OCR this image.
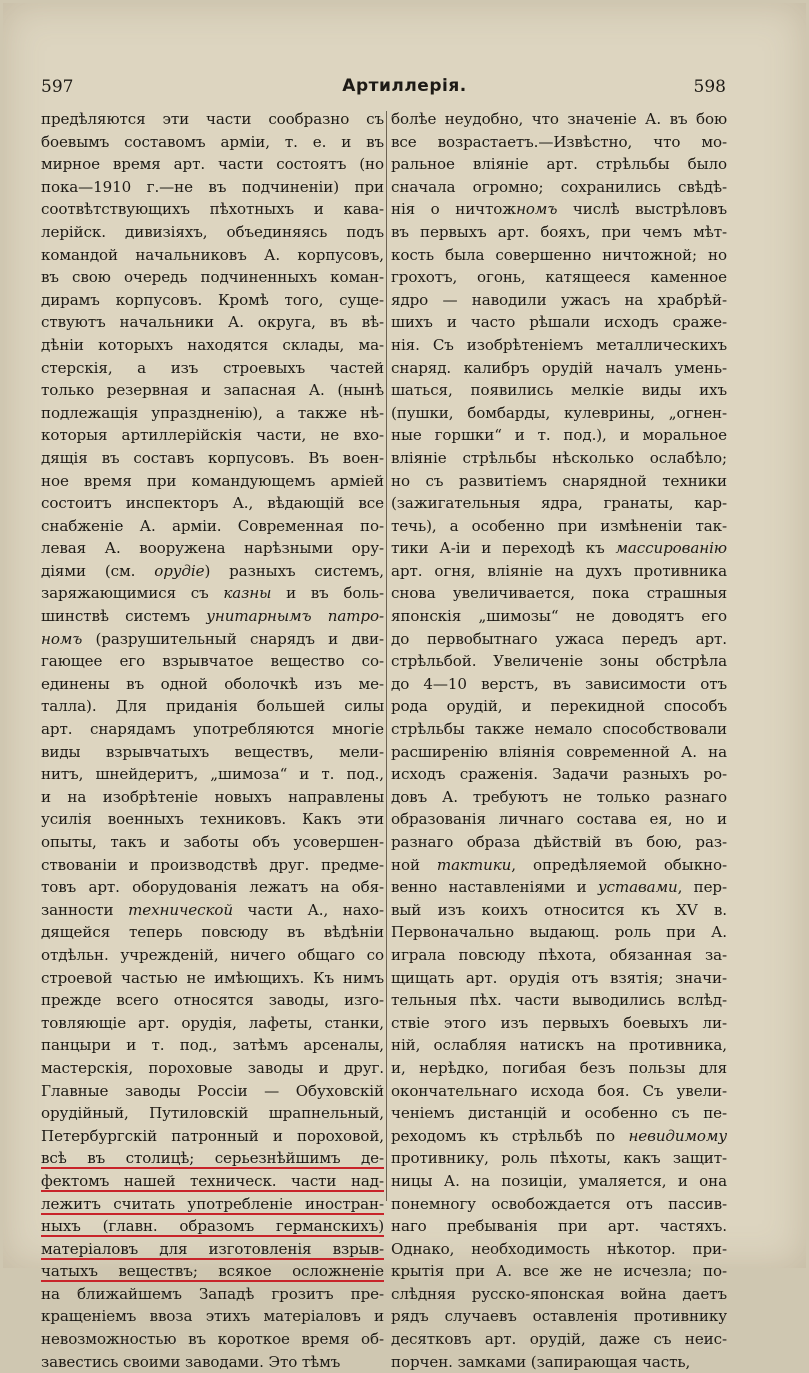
597	Артиллерія.	598
предѣляются эти части сообразно съ
боевымъ составомъ арміи, т. е. и въ
мирное время арт. части состоятъ (но
пока—1910 г.—не въ подчиненіи) при
соотвѣтствующихъ пѣхотныхъ и кава-
лерійск. дивизіяхъ, объединяясь подъ
командой начальниковъ А. корпусовъ,
въ свою очередь подчиненныхъ коман-
дирамъ корпусовъ. Кромѣ того, суще-
ствуютъ начальники А. округа, въ вѣ-
дѣніи которыхъ находятся склады, ма-
стерскія, а изъ строевыхъ частей
только резервная и запасная А. (нынѣ
подлежащія упраздненію), а также нѣ-
которыя артиллерійскія части, не вхо-
дящія въ составъ корпусовъ. Въ воен-
ное время при командующемъ арміей
состоитъ инспекторъ А., вѣдающій все
снабженіе А. арміи. Современная по-
левая А. вооружена нарѣзными ору-
діями (см. орудіе) разныхъ системъ,
заряжающимися съ казны и въ боль-
шинствѣ системъ унитарнымъ патро-
номъ (разрушительный снарядъ и дви-
гающее его взрывчатое вещество со-
единены въ одной оболочкѣ изъ ме-
талла). Для приданія большей силы
арт. снарядамъ употребляются многіе
виды взрывчатыхъ веществъ, мели-
нитъ, шнейдеритъ, „шимоза“ и т. под.,
и на изобрѣтеніе новыхъ направлены
усилія военныхъ техниковъ. Какъ эти
опыты, такъ и заботы объ усовершен-
ствованіи и производствѣ друг. предме-
товъ арт. оборудованія лежатъ на обя-
занности технической части А., нахо-
дящейся теперь повсюду въ вѣдѣніи
отдѣльн. учрежденій, ничего общаго со
строевой частью не имѣющихъ. Къ нимъ
прежде всего относятся заводы, изго-
товляющіе арт. орудія, лафеты, станки,
панцыри и т. под., затѣмъ арсеналы,
мастерскія, пороховые заводы и друг.
Главные заводы Россіи — Обуховскій
орудійный, Путиловскій шрапнельный,
Петербургскій патронный и пороховой,
всѣ въ столицѣ; серьезнѣйшимъ де-
фектомъ нашей техническ. части над-
лежитъ считать употребленіе иностран-
ныхъ (главн. образомъ германскихъ)
матеріаловъ для изготовленія взрыв-
чатыхъ веществъ; всякое осложненіе
на ближайшемъ Западѣ грозитъ пре-
кращеніемъ ввоза этихъ матеріаловъ и
невозможностью въ короткое время об-
завестись своими заводами. Это тѣмъ
болѣе неудобно, что значеніе А. въ бою
все возрастаетъ.—Извѣстно, что мо-
ральное вліяніе арт. стрѣльбы было
сначала огромно; сохранились свѣдѣ-
нія о ничтожномъ числѣ выстрѣловъ
въ первыхъ арт. бояхъ, при чемъ мѣт-
кость была совершенно ничтожной; но
грохотъ, огонь, катящееся каменное
ядро — наводили ужасъ на храбрѣй-
шихъ и часто рѣшали исходъ сраже-
нія. Съ изобрѣтеніемъ металлическихъ
снаряд. калибръ орудій началъ умень-
шаться, появились мелкіе виды ихъ
(пушки, бомбарды, кулеврины, „огнен-
ные горшки“ и т. под.), и моральное
вліяніе стрѣльбы нѣсколько ослабѣло;
но съ развитіемъ снарядной техники
(зажигательныя ядра, гранаты, кар-
течь), а особенно при измѣненіи так-
тики А-іи и переходѣ къ массированію
арт. огня, вліяніе на духъ противника
снова увеличивается, пока страшныя
японскія „шимозы“ не доводятъ его
до первобытнаго ужаса передъ арт.
стрѣльбой. Увеличеніе зоны обстрѣла
до 4—10 верстъ, въ зависимости отъ
рода орудій, и перекидной способъ
стрѣльбы также немало способствовали
расширенію вліянія современной А. на
исходъ сраженія. Задачи разныхъ ро-
довъ А. требуютъ не только разнаго
образованія личнаго состава ея, но и
разнаго образа дѣйствій въ бою, раз-
ной тактики, опредѣляемой обыкно-
венно наставленіями и уставами, пер-
вый изъ коихъ относится къ XV в.
Первоначально выдающ. роль при А.
играла повсюду пѣхота, обязанная за-
щищать арт. орудія отъ взятія; значи-
тельныя пѣх. части выводились вслѣд-
ствіе этого изъ первыхъ боевыхъ ли-
ній, ослабляя натискъ на противника,
и, нерѣдко, погибая безъ пользы для
окончательнаго исхода боя. Съ увели-
ченіемъ дистанцій и особенно съ пе-
реходомъ къ стрѣльбѣ по невидимому
противнику, роль пѣхоты, какъ защит-
ницы А. на позиціи, умаляется, и она
понемногу освобождается отъ пассив-
наго пребыванія при арт. частяхъ.
Однако, необходимость нѣкотор. при-
крытія при А. все же не исчезла; по-
слѣдняя русско-японская война даетъ
рядъ случаевъ оставленія противнику
десятковъ арт. орудій, даже съ неис-
порчен. замками (запирающая часть,
